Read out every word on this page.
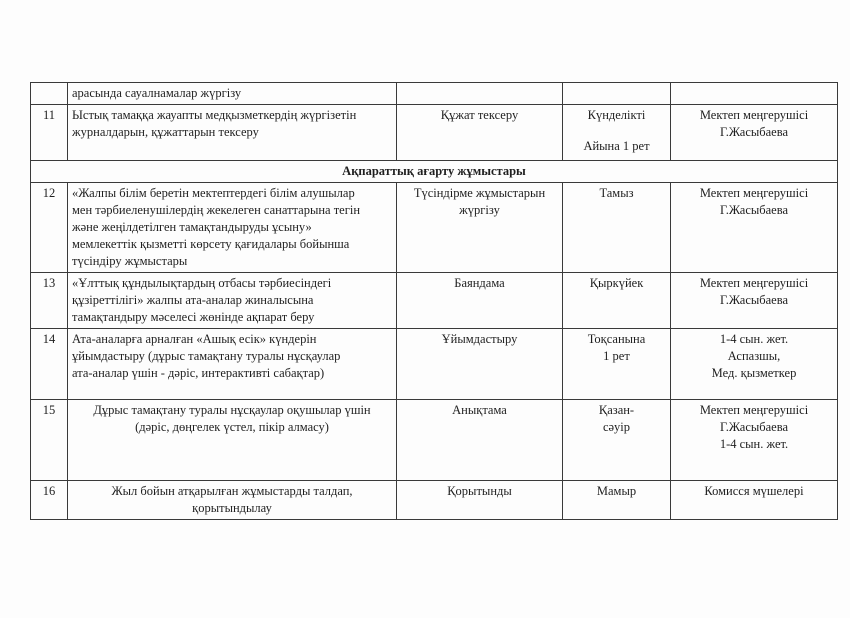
	арасында сауалнамалар жүргізу			

11	Ыстық тамаққа жауапты медқызметкердің жүргізетін
журналдарын, құжаттарын тексеру	Құжат тексеру	Күнделікті
Айына 1 рет	Мектеп меңгерушісі
Г.Жасыбаева

Ақпараттық ағарту жұмыстары				
12	«Жалпы білім беретін мектептердегі білім алушылар
мен тәрбиеленушілердің жекелеген санаттарына тегін
және жеңілдетілген тамақтандыруды ұсыну»
мемлекеттік қызметті көрсету қағидалары бойынша
түсіндіру жұмыстары	Түсіндірме жұмыстарын
жүргізу	Тамыз	Мектеп меңгерушісі
Г.Жасыбаева

13	«Ұлттық құндылықтардың отбасы тәрбиесіндегі
құзіреттілігі» жалпы ата-аналар жиналысына
тамақтандыру мәселесі жөнінде ақпарат беру	Баяндама	Қыркүйек	Мектеп меңгерушісі
Г.Жасыбаева

14	Ата-аналарға арналған «Ашық есік» күндерін
ұйымдастыру (дұрыс тамақтану туралы нұсқаулар
ата-аналар үшін - дәріс, интерактивті сабақтар)	Ұйымдастыру	Тоқсанына
1 рет	1-4 сын. жет.
Аспазшы,
Мед. қызметкер

15	Дұрыс тамақтану туралы нұсқаулар оқушылар үшін
(дәріс, дөңгелек үстел, пікір алмасу)	Анықтама	Қазан-
сәуір	Мектеп меңгерушісі
Г.Жасыбаева
1-4 сын. жет.

16	Жыл бойын атқарылған жұмыстарды талдап,
қорытындылау	Қорытынды	Мамыр	Комисся мүшелері
